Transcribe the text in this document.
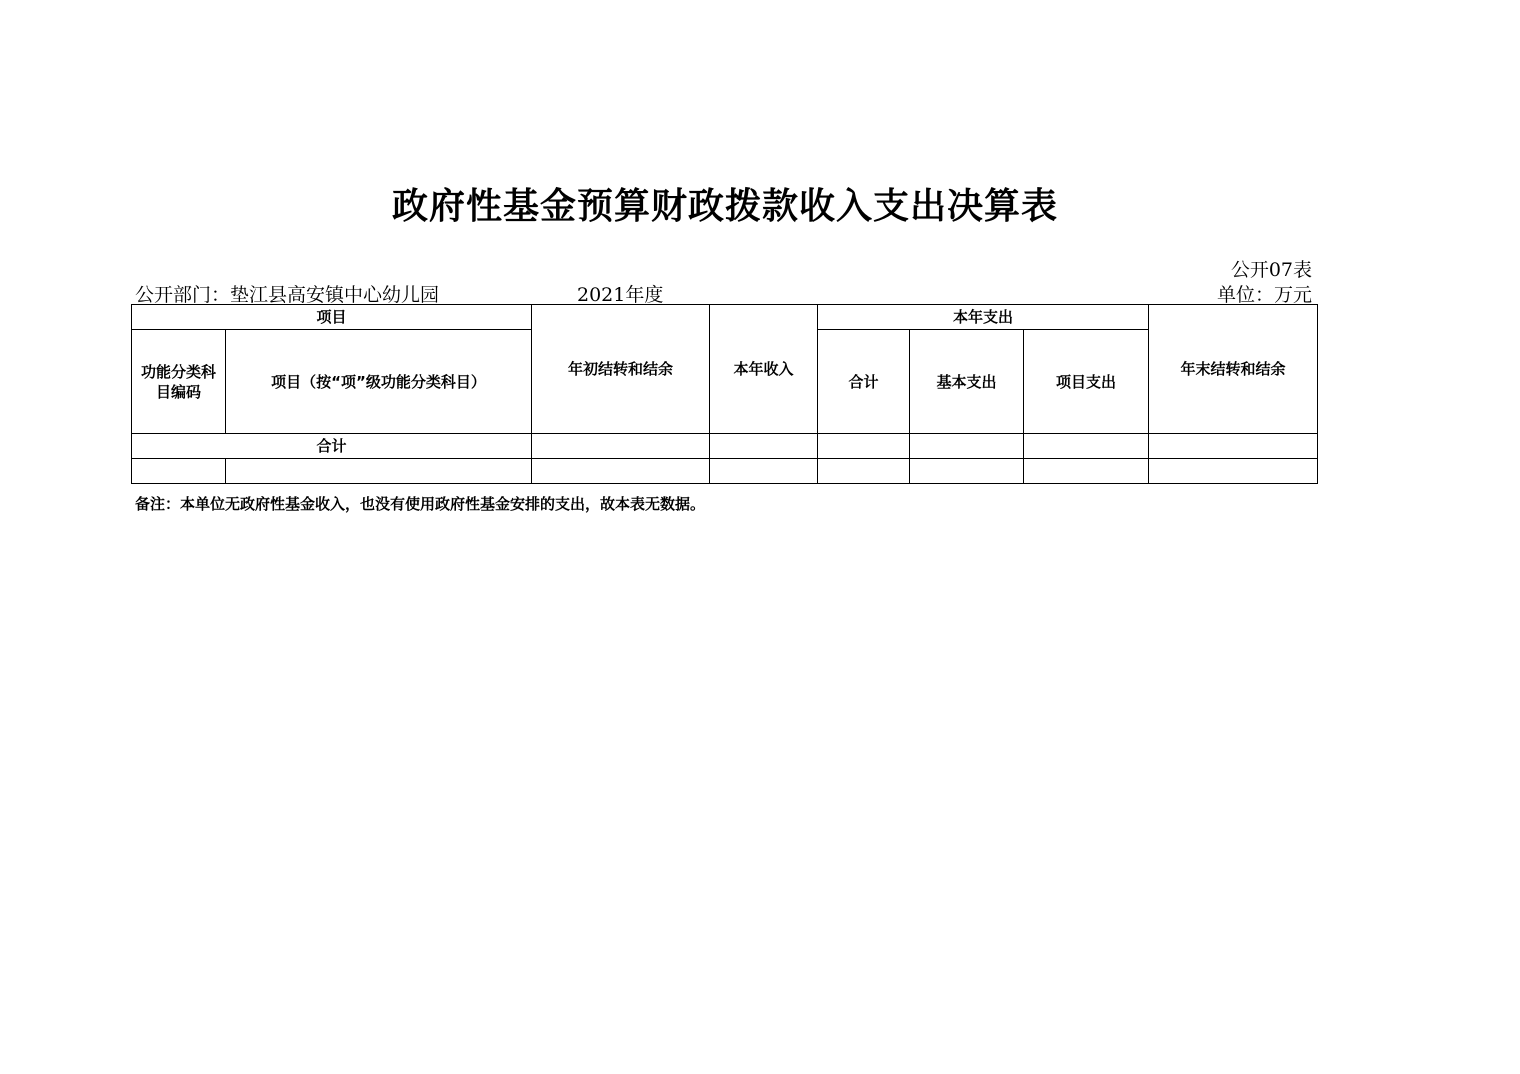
政府性基金预算财政拨款收入支出决算表
公开07表
公开部门：垫江县高安镇中心幼儿园	2021年度	单位：万元
项目		年初结转和结余	本年收入	本年支出			年末结转和结余
功能分类科目编码	项目（按“项”级功能分类科目）			合计	基本支出	项目支出	
合计							

备注：本单位无政府性基金收入，也没有使用政府性基金安排的支出，故本表无数据。
